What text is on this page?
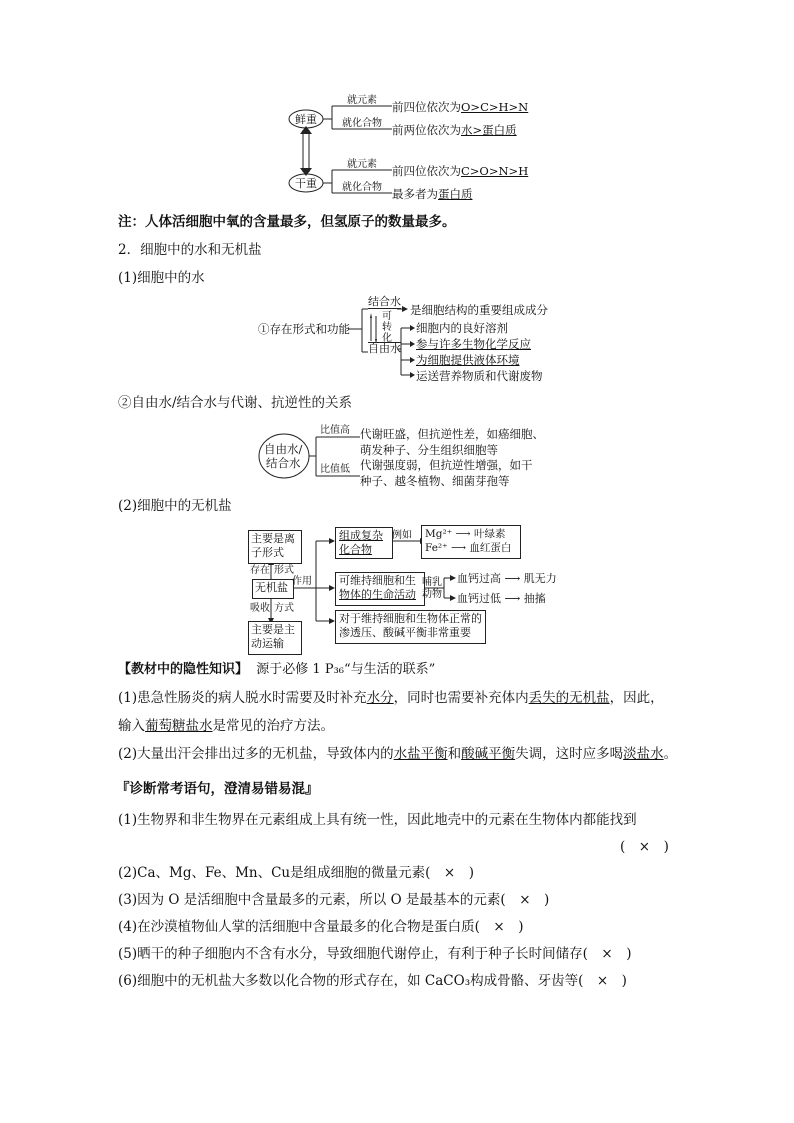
鲜重
干重
就元素
就化合物
就元素
就化合物
前四位依次为O>C>H>N
前两位依次为水>蛋白质
前四位依次为C>O>N>H
最多者为蛋白质
注：人体活细胞中氧的含量最多，但氢原子的数量最多。
2．细胞中的水和无机盐
(1)细胞中的水
①存在形式和功能
结合水
自由水
可
转
化
是细胞结构的重要组成成分
细胞内的良好溶剂
参与许多生物化学反应
为细胞提供液体环境
运送营养物质和代谢废物
②自由水/结合水与代谢、抗逆性的关系
自由水/
结合水
比值高
比值低
代谢旺盛，但抗逆性差，如癌细胞、
萌发种子、分生组织细胞等
代谢强度弱，但抗逆性增强，如干
种子、越冬植物、细菌芽孢等
(2)细胞中的无机盐
主要是离
子形式
存在 形式
无机盐
吸收 方式
主要是主
动运输
作用
组成复杂
化合物
例如 Mg²⁺ ⟶ 叶绿素
Fe²⁺ ⟶ 血红蛋白
可维持细胞和生
物体的生命活动
哺乳
动物
血钙过高 ⟶ 肌无力
血钙过低 ⟶ 抽搐
对于维持细胞和生物体正常的
渗透压、酸碱平衡非常重要
【教材中的隐性知识】 源于必修 1 P₃₆“与生活的联系”
(1)患急性肠炎的病人脱水时需要及时补充水分，同时也需要补充体内丢失的无机盐，因此，
输入葡萄糖盐水是常见的治疗方法。
(2)大量出汗会排出过多的无机盐，导致体内的水盐平衡和酸碱平衡失调，这时应多喝淡盐水。
『诊断常考语句，澄清易错易混』
(1)生物界和非生物界在元素组成上具有统一性，因此地壳中的元素在生物体内都能找到
(　×　)
(2)Ca、Mg、Fe、Mn、Cu是组成细胞的微量元素(　×　)
(3)因为 O 是活细胞中含量最多的元素，所以 O 是最基本的元素(　×　)
(4)在沙漠植物仙人掌的活细胞中含量最多的化合物是蛋白质(　×　)
(5)晒干的种子细胞内不含有水分，导致细胞代谢停止，有利于种子长时间储存(　×　)
(6)细胞中的无机盐大多数以化合物的形式存在，如 CaCO₃构成骨骼、牙齿等(　×　)
